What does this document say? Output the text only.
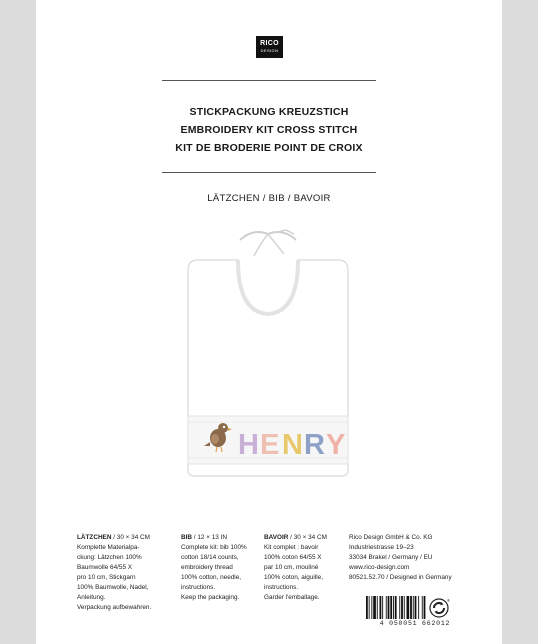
RICO
DESIGN
STICKPACKUNG KREUZSTICH
EMBROIDERY KIT CROSS STITCH
KIT DE BRODERIE POINT DE CROIX
LÄTZCHEN / BIB / BAVOIR
H E N R Y
LÄTZCHEN / 30 × 34 CM
Komplette Materialpa-
ckung: Lätzchen 100%
Baumwolle 64/55 X
pro 10 cm, Stickgarn
100% Baumwolle, Nadel,
Anleitung.
Verpackung aufbewahren.
BIB / 12 × 13 IN
Complete kit: bib 100%
cotton 18/14 counts,
embroidery thread
100% cotton, needle,
instructions.
Keep the packaging.
BAVOIR / 30 × 34 CM
Kit complet : bavoir
100% coton 64/55 X
par 10 cm, mouliné
100% coton, aiguille,
instructions.
Garder l'emballage.
Rico Design GmbH & Co. KG
Industriestrasse 19–23
33034 Brakel / Germany / EU
www.rico-design.com
80521.52.70 / Designed in Germany
4 050051 662012
®
